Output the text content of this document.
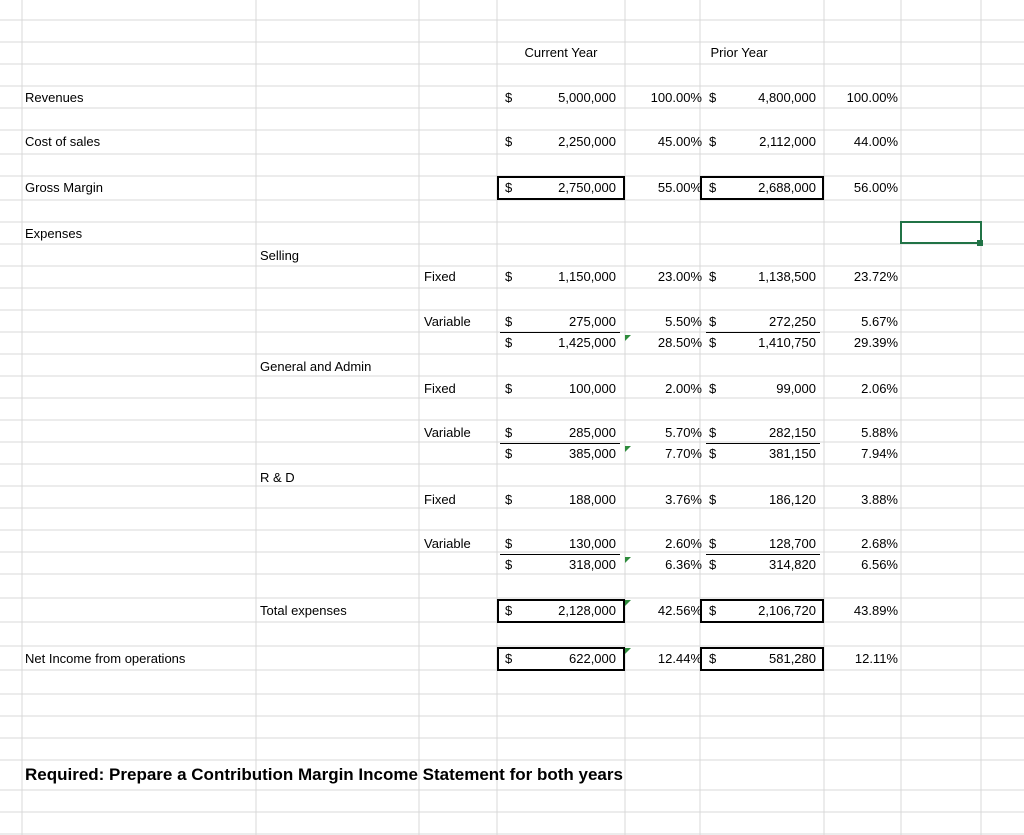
Current Year	Prior Year
Revenues	$	5,000,000	100.00% $	4,800,000	100.00%
Cost of sales	$	2,250,000	45.00% $	2,112,000	44.00%
Gross Margin	$	2,750,000	55.00% $	2,688,000	56.00%
Expenses
Selling
Fixed	$	1,150,000	23.00% $	1,138,500	23.72%
Variable	$	275,000	5.50% $	272,250	5.67%
$	1,425,000	28.50% $	1,410,750	29.39%
General and Admin
Fixed	$	100,000	2.00% $	99,000	2.06%
Variable	$	285,000	5.70% $	282,150	5.88%
$	385,000	7.70% $	381,150	7.94%
R & D
Fixed	$	188,000	3.76% $	186,120	3.88%
Variable	$	130,000	2.60% $	128,700	2.68%
$	318,000	6.36% $	314,820	6.56%
Total expenses	$	2,128,000	42.56% $	2,106,720	43.89%
Net Income from operations	$	622,000	12.44% $	581,280	12.11%
Required: Prepare a Contribution Margin Income Statement for both years
